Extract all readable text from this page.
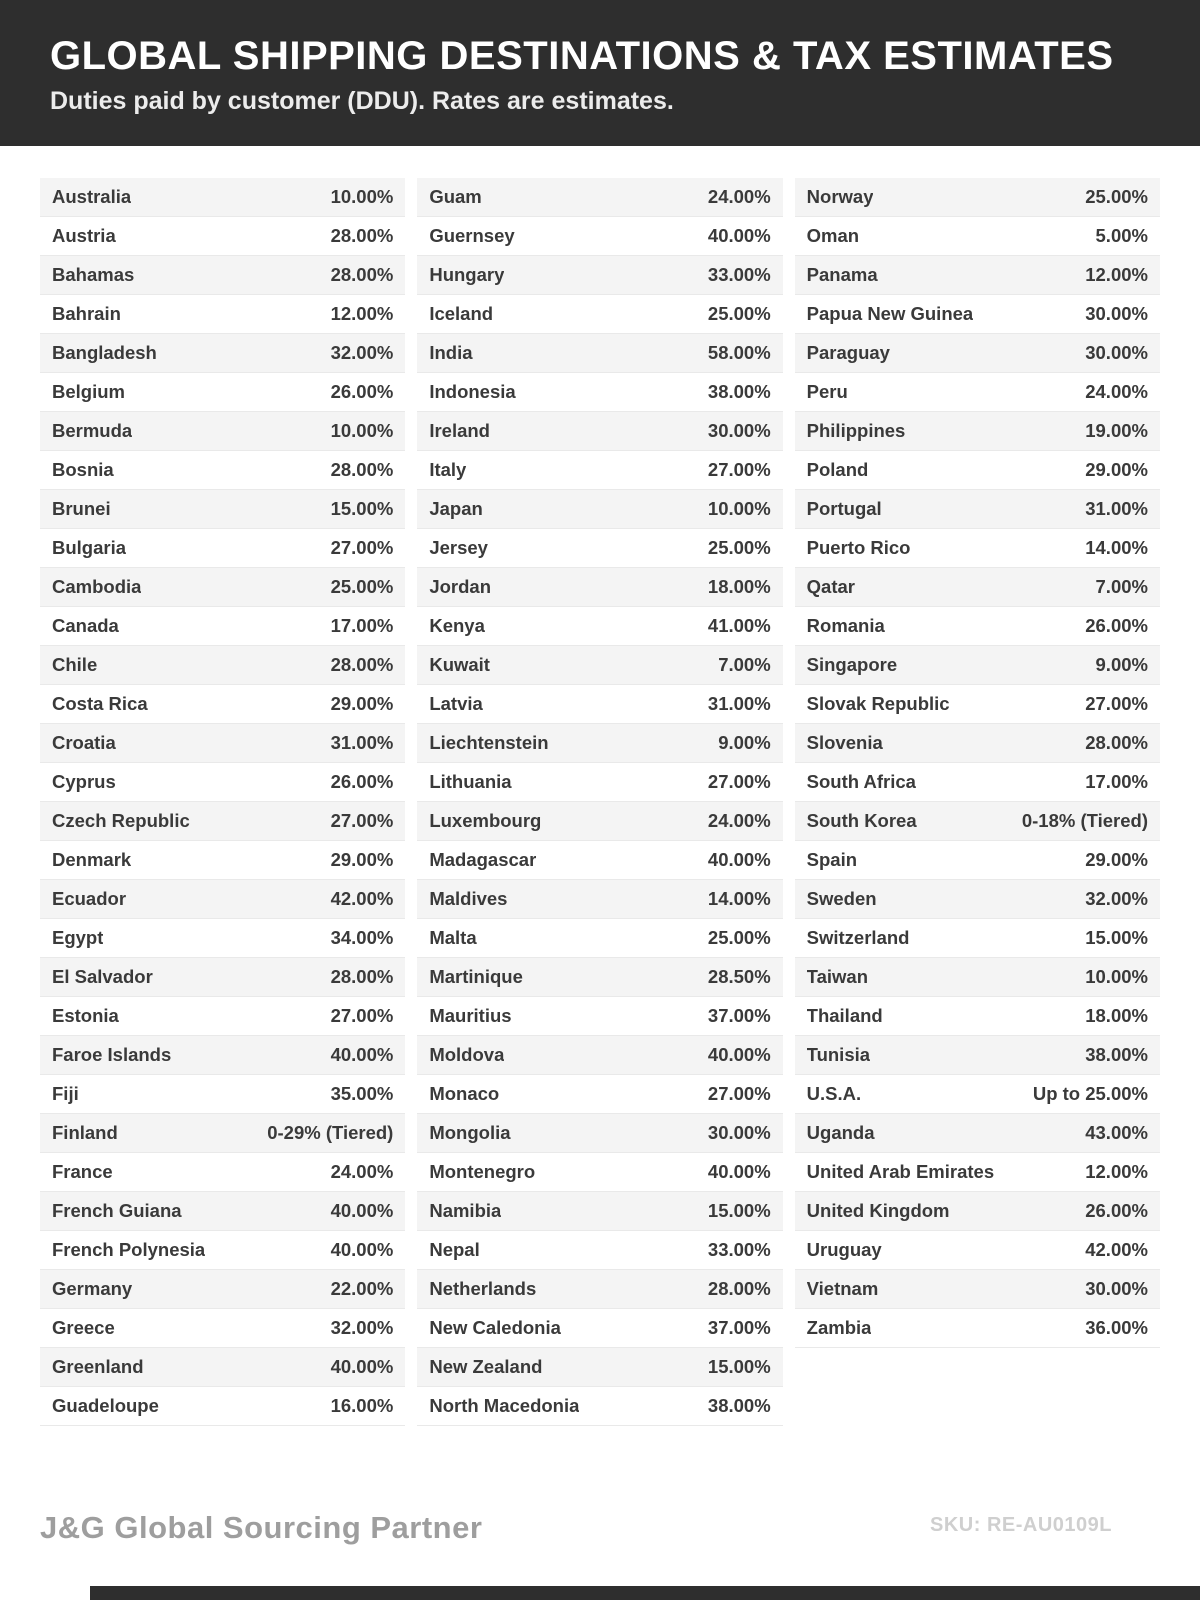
GLOBAL SHIPPING DESTINATIONS & TAX ESTIMATES
Duties paid by customer (DDU). Rates are estimates.
Australia	10.00%
Austria	28.00%
Bahamas	28.00%
Bahrain	12.00%
Bangladesh	32.00%
Belgium	26.00%
Bermuda	10.00%
Bosnia	28.00%
Brunei	15.00%
Bulgaria	27.00%
Cambodia	25.00%
Canada	17.00%
Chile	28.00%
Costa Rica	29.00%
Croatia	31.00%
Cyprus	26.00%
Czech Republic	27.00%
Denmark	29.00%
Ecuador	42.00%
Egypt	34.00%
El Salvador	28.00%
Estonia	27.00%
Faroe Islands	40.00%
Fiji	35.00%
Finland	0-29% (Tiered)
France	24.00%
French Guiana	40.00%
French Polynesia	40.00%
Germany	22.00%
Greece	32.00%
Greenland	40.00%
Guadeloupe	16.00%
Guam	24.00%
Guernsey	40.00%
Hungary	33.00%
Iceland	25.00%
India	58.00%
Indonesia	38.00%
Ireland	30.00%
Italy	27.00%
Japan	10.00%
Jersey	25.00%
Jordan	18.00%
Kenya	41.00%
Kuwait	7.00%
Latvia	31.00%
Liechtenstein	9.00%
Lithuania	27.00%
Luxembourg	24.00%
Madagascar	40.00%
Maldives	14.00%
Malta	25.00%
Martinique	28.50%
Mauritius	37.00%
Moldova	40.00%
Monaco	27.00%
Mongolia	30.00%
Montenegro	40.00%
Namibia	15.00%
Nepal	33.00%
Netherlands	28.00%
New Caledonia	37.00%
New Zealand	15.00%
North Macedonia	38.00%
Norway	25.00%
Oman	5.00%
Panama	12.00%
Papua New Guinea	30.00%
Paraguay	30.00%
Peru	24.00%
Philippines	19.00%
Poland	29.00%
Portugal	31.00%
Puerto Rico	14.00%
Qatar	7.00%
Romania	26.00%
Singapore	9.00%
Slovak Republic	27.00%
Slovenia	28.00%
South Africa	17.00%
South Korea	0-18% (Tiered)
Spain	29.00%
Sweden	32.00%
Switzerland	15.00%
Taiwan	10.00%
Thailand	18.00%
Tunisia	38.00%
U.S.A.	Up to 25.00%
Uganda	43.00%
United Arab Emirates	12.00%
United Kingdom	26.00%
Uruguay	42.00%
Vietnam	30.00%
Zambia	36.00%
J&G Global Sourcing Partner	SKU: RE-AU0109L
